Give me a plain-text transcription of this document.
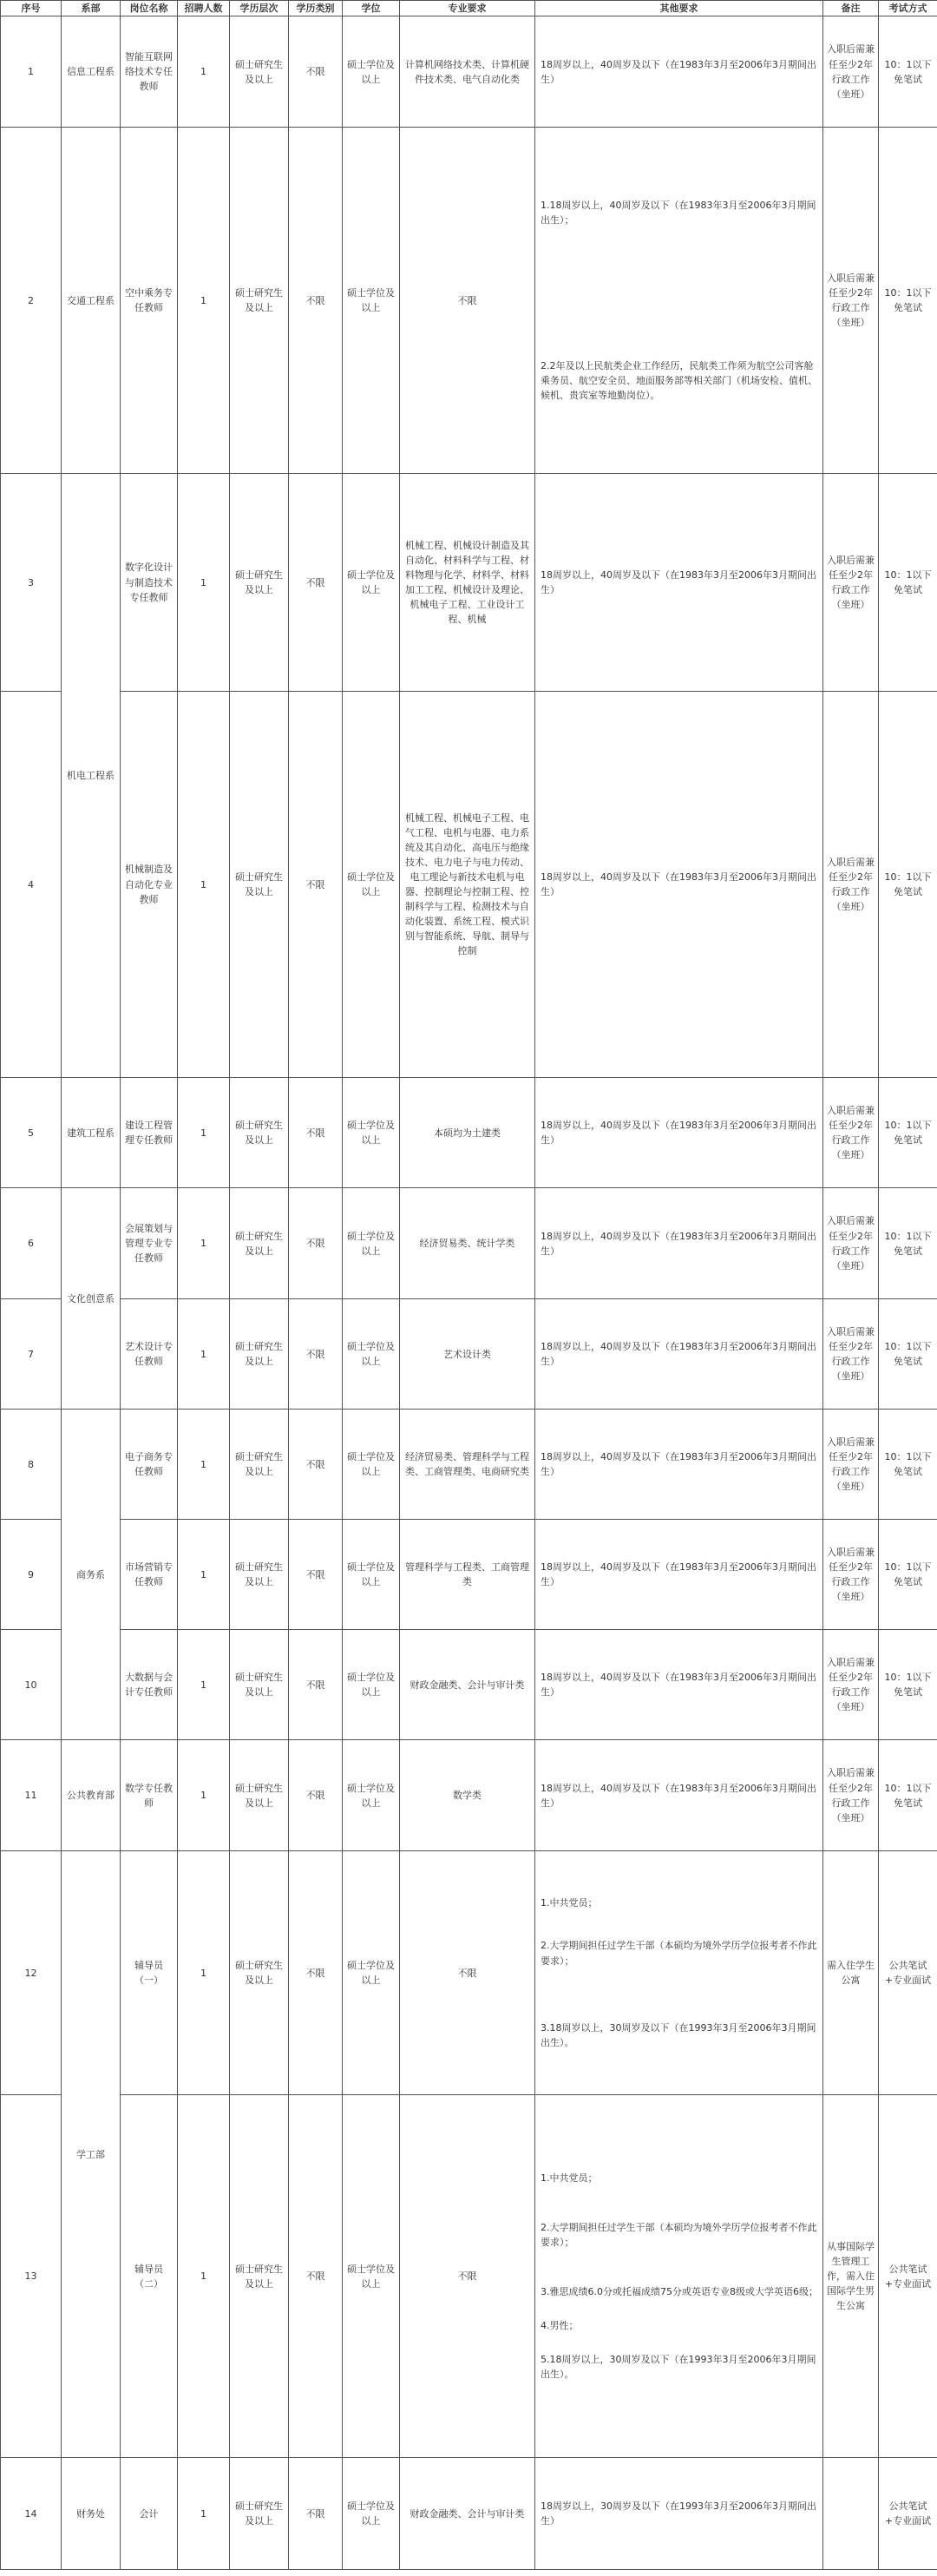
序号	系部	岗位名称	招聘人数	学历层次	学历类别	学位	专业要求	其他要求	备注	考试方式
1	信息工程系	智能互联网络技术专任教师	1	硕士研究生及以上	不限	硕士学位及以上	计算机网络技术类、计算机硬件技术类、电气自动化类	18周岁以上，40周岁及以下（在1983年3月至2006年3月期间出生）	入职后需兼任至少2年行政工作（坐班）	10：1以下免笔试
2	交通工程系	空中乘务专任教师	1	硕士研究生及以上	不限	硕士学位及以上	不限	1.18周岁以上，40周岁及以下（在1983年3月至2006年3月期间出生）；
2.2年及以上民航类企业工作经历，民航类工作须为航空公司客舱乘务员、航空安全员、地面服务部等相关部门（机场安检、值机、候机、贵宾室等地勤岗位）。	入职后需兼任至少2年行政工作（坐班）	10：1以下免笔试
3	机电工程系	数字化设计与制造技术专任教师	1	硕士研究生及以上	不限	硕士学位及以上	机械工程、机械设计制造及其自动化、材料科学与工程、材料物理与化学、材料学、材料加工工程、机械设计及理论、机械电子工程、工业设计工程、机械	18周岁以上，40周岁及以下（在1983年3月至2006年3月期间出生）	入职后需兼任至少2年行政工作（坐班）	10：1以下免笔试
4		机械制造及自动化专业教师	1	硕士研究生及以上	不限	硕士学位及以上	机械工程、机械电子工程、电气工程、电机与电器、电力系统及其自动化、高电压与绝缘技术、电力电子与电力传动、电工理论与新技术电机与电器、控制理论与控制工程、控制科学与工程、检测技术与自动化装置、系统工程、模式识别与智能系统、导航、制导与控制	18周岁以上，40周岁及以下（在1983年3月至2006年3月期间出生）	入职后需兼任至少2年行政工作（坐班）	10：1以下免笔试
5	建筑工程系	建设工程管理专任教师	1	硕士研究生及以上	不限	硕士学位及以上	本硕均为土建类	18周岁以上，40周岁及以下（在1983年3月至2006年3月期间出生）	入职后需兼任至少2年行政工作（坐班）	10：1以下免笔试
6	文化创意系	会展策划与管理专业专任教师	1	硕士研究生及以上	不限	硕士学位及以上	经济贸易类、统计学类	18周岁以上，40周岁及以下（在1983年3月至2006年3月期间出生）	入职后需兼任至少2年行政工作（坐班）	10：1以下免笔试
7		艺术设计专任教师	1	硕士研究生及以上	不限	硕士学位及以上	艺术设计类	18周岁以上，40周岁及以下（在1983年3月至2006年3月期间出生）	入职后需兼任至少2年行政工作（坐班）	10：1以下免笔试
8	商务系	电子商务专任教师	1	硕士研究生及以上	不限	硕士学位及以上	经济贸易类、管理科学与工程类、工商管理类、电商研究类	18周岁以上，40周岁及以下（在1983年3月至2006年3月期间出生）	入职后需兼任至少2年行政工作（坐班）	10：1以下免笔试
9		市场营销专任教师	1	硕士研究生及以上	不限	硕士学位及以上	管理科学与工程类、工商管理类	18周岁以上，40周岁及以下（在1983年3月至2006年3月期间出生）	入职后需兼任至少2年行政工作（坐班）	10：1以下免笔试
10		大数据与会计专任教师	1	硕士研究生及以上	不限	硕士学位及以上	财政金融类、会计与审计类	18周岁以上，40周岁及以下（在1983年3月至2006年3月期间出生）	入职后需兼任至少2年行政工作（坐班）	10：1以下免笔试
11	公共教育部	数学专任教师	1	硕士研究生及以上	不限	硕士学位及以上	数学类	18周岁以上，40周岁及以下（在1983年3月至2006年3月期间出生）	入职后需兼任至少2年行政工作（坐班）	10：1以下免笔试
12	学工部	辅导员（一）	1	硕士研究生及以上	不限	硕士学位及以上	不限	1.中共党员；
2.大学期间担任过学生干部（本硕均为境外学历学位报考者不作此要求）；
3.18周岁以上，30周岁及以下（在1993年3月至2006年3月期间出生）。	需入住学生公寓	公共笔试+专业面试
13		辅导员（二）	1	硕士研究生及以上	不限	硕士学位及以上	不限	1.中共党员；
2.大学期间担任过学生干部（本硕均为境外学历学位报考者不作此要求）；
3.雅思成绩6.0分或托福成绩75分或英语专业8级或大学英语6级；
4.男性；
5.18周岁以上，30周岁及以下（在1993年3月至2006年3月期间出生）。	从事国际学生管理工作，需入住国际学生男生公寓	公共笔试+专业面试
14	财务处	会计	1	硕士研究生及以上	不限	硕士学位及以上	财政金融类、会计与审计类	18周岁以上，30周岁及以下（在1993年3月至2006年3月期间出生）		公共笔试+专业面试
